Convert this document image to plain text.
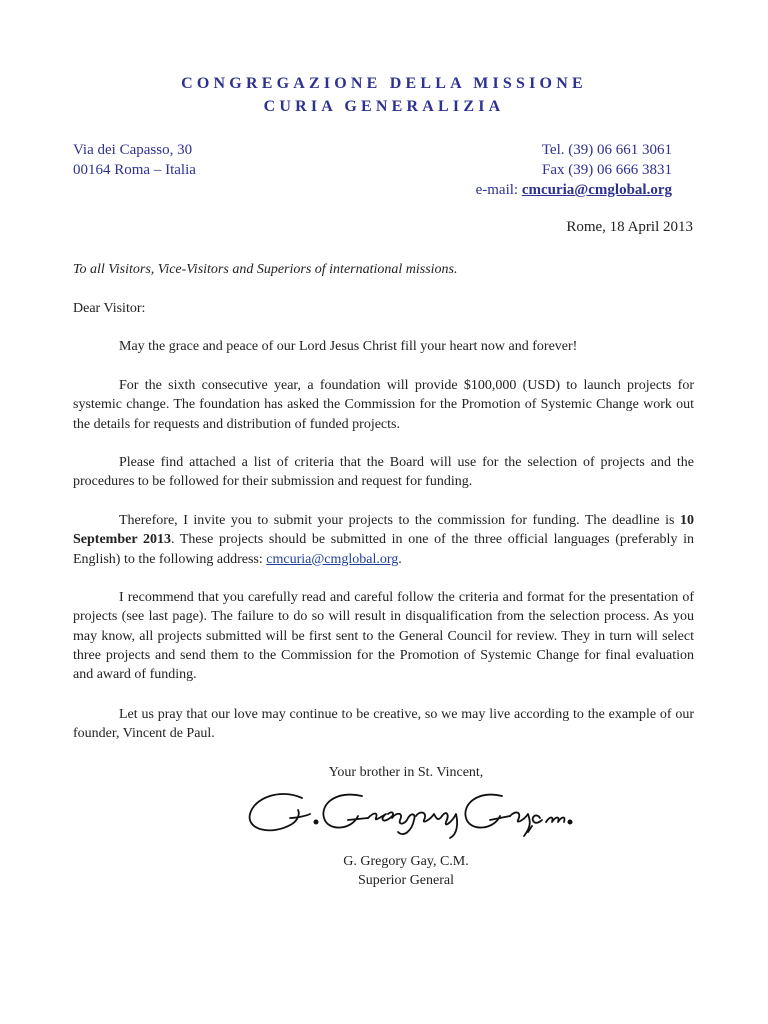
CONGREGAZIONE DELLA MISSIONE
CURIA GENERALIZIA
Via dei Capasso, 30
00164 Roma – Italia
Tel. (39) 06 661 3061
Fax (39) 06 666 3831
e-mail: cmcuria@cmglobal.org
Rome, 18 April 2013
To all Visitors, Vice-Visitors and Superiors of international missions.
Dear Visitor:
May the grace and peace of our Lord Jesus Christ fill your heart now and forever!
For the sixth consecutive year, a foundation will provide $100,000 (USD) to launch projects for systemic change. The foundation has asked the Commission for the Promotion of Systemic Change work out the details for requests and distribution of funded projects.
Please find attached a list of criteria that the Board will use for the selection of projects and the procedures to be followed for their submission and request for funding.
Therefore, I invite you to submit your projects to the commission for funding. The deadline is 10 September 2013. These projects should be submitted in one of the three official languages (preferably in English) to the following address: cmcuria@cmglobal.org.
I recommend that you carefully read and careful follow the criteria and format for the presentation of projects (see last page). The failure to do so will result in disqualification from the selection process. As you may know, all projects submitted will be first sent to the General Council for review. They in turn will select three projects and send them to the Commission for the Promotion of Systemic Change for final evaluation and award of funding.
Let us pray that our love may continue to be creative, so we may live according to the example of our founder, Vincent de Paul.
Your brother in St. Vincent,
G. Gregory Gay, C.M.
Superior General
